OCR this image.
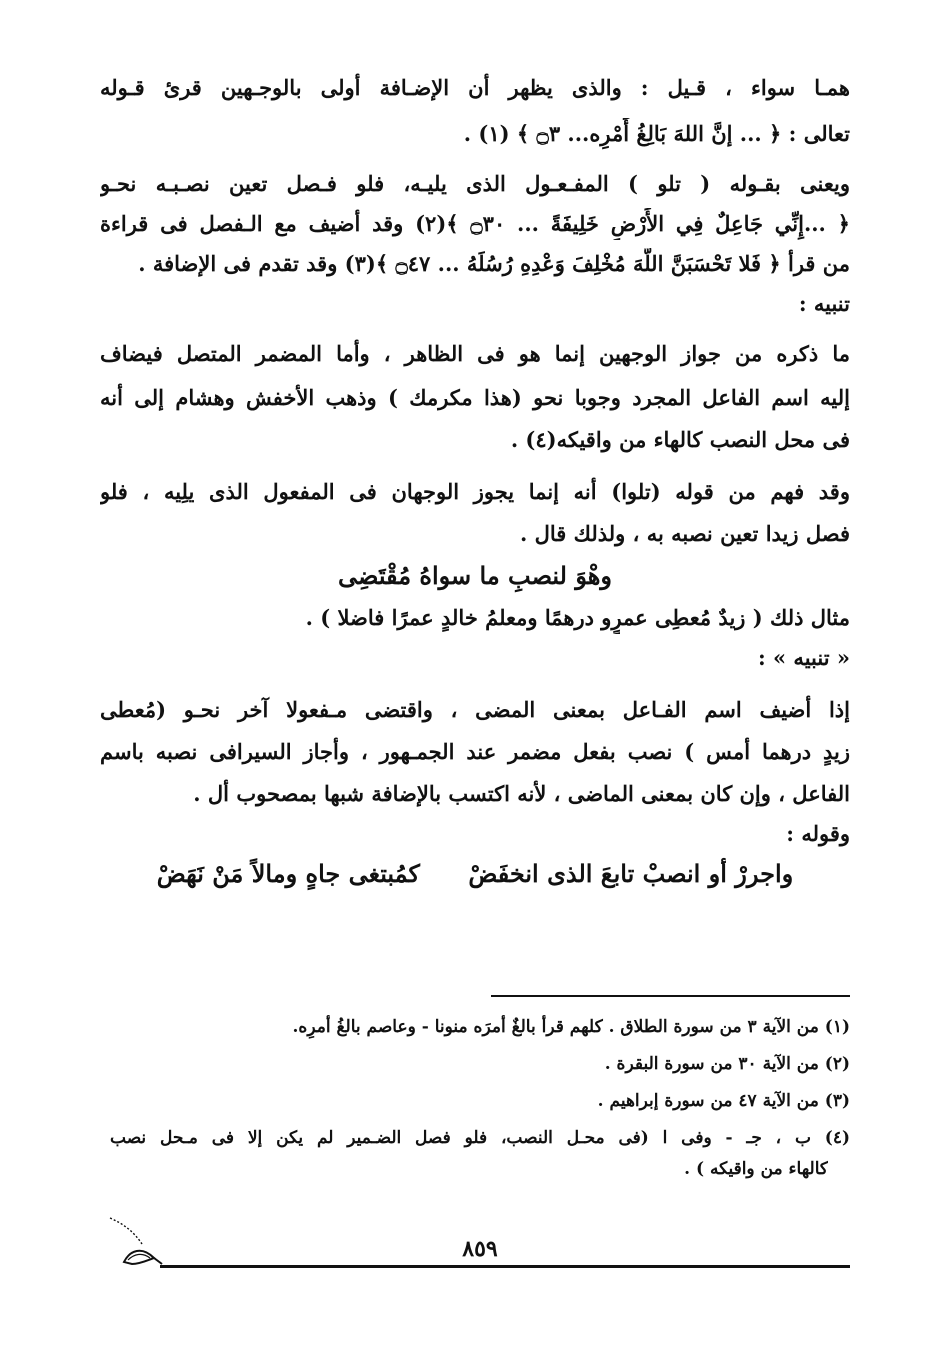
همـا سواء ، قـيل : والذى يظهر أن الإضـافة أولى بالوجـهين قرئ قـوله
تعالى : ﴿ ... إنَّ اللهَ بَالِغُ أَمْرِه... ۝٣ ﴾ (١) .
ويعنى بقـوله ( تلو ) المفـعـول الذى يليـه، فلو فـصل تعين نصـبـه نحـو
﴿ ...إِنِّي جَاعِلٌ فِي الأَرْضِ خَلِيفَةً ... ۝٣٠ ﴾(٢) وقد أضيف مع الـفصل فى قراءة
من قرأ ﴿ فَلا تَحْسَبَنَّ اللَّهَ مُخْلِفَ وَعْدِهِ رُسُلَهُ ... ۝٤٧ ﴾(٣) وقد تقدم فى الإضافة .
تنبيه :
ما ذكره من جواز الوجهين إنما هو فى الظاهر ، وأما المضمر المتصل فيضاف
إليه اسم الفاعل المجرد وجوبا نحو (هذا مكرمك ) وذهب الأخفش وهشام إلى أنه
فى محل النصب كالهاء من واقيكه(٤) .
وقد فهم من قوله (تلوا) أنه إنما يجوز الوجهان فى المفعول الذى يلِيه ، فلو
فصل زيدا تعين نصبه به ، ولذلك قال .
وهْوَ لنصبِ ما سواهُ مُقْتَضِى
مثال ذلك ( زيدٌ مُعطِى عمرٍو درهمًا ومعلمُ خالدٍ عمرًا فاضلا ) .
« تنبيه » :
إذا أضيف اسم الفـاعل بمعنى المضى ، واقتضى مـفعولا آخر نحـو (مُعطى
زيدٍ درهما أمس ) نصب بفعل مضمر عند الجمـهور ، وأجاز السيرافى نصبه باسم
الفاعل ، وإن كان بمعنى الماضى ، لأنه اكتسب بالإضافة شبها بمصحوب أل .
وقوله :
واجررْ أو انصبْ تابعَ الذى انخفَضْ كمُبتغى جاهٍ ومالاً مَنْ نَهَضْ
(١) من الآية ٣ من سورة الطلاق . كلهم قرأ بالغٌ أمرَه منونا - وعاصم بالغُ أمرِه.
(٢) من الآية ٣٠ من سورة البقرة .
(٣) من الآية ٤٧ من سورة إبراهيم .
(٤) ب ، جـ - وفى ا (فى محـل النصب، فلو فصل الضـمير لم يكن إلا فى مـحل نصب
كالهاء من واقيكه ) .
٨٥٩
